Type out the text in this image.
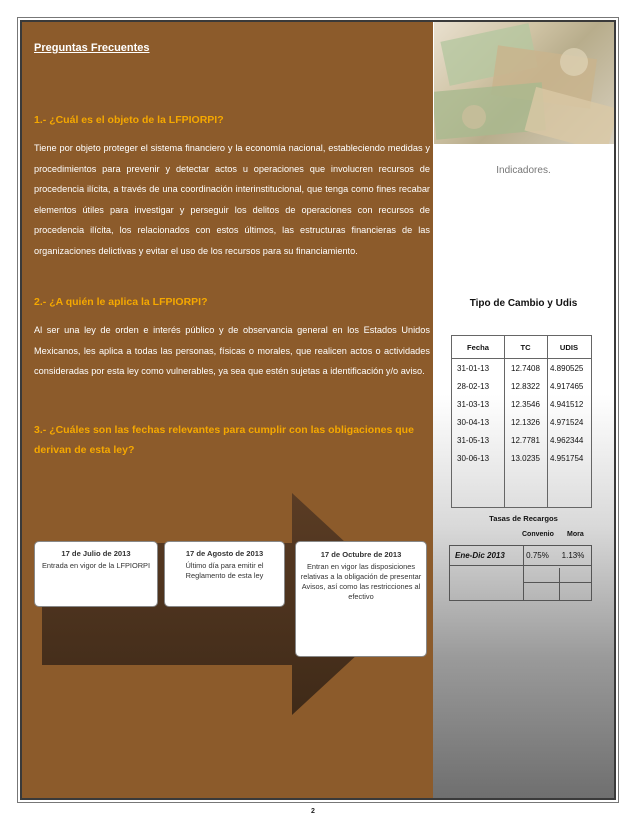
Preguntas Frecuentes
1.- ¿Cuál es el objeto de la LFPIORPI?
Tiene por objeto proteger el sistema financiero y la economía nacional, estableciendo medidas y procedimientos para prevenir y detectar actos u operaciones que involucren recursos de procedencia ilícita, a través de una coordinación interinstitucional, que tenga como fines recabar elementos útiles para investigar y perseguir los delitos de operaciones con recursos de procedencia ilícita, los relacionados con estos últimos, las estructuras financieras de las organizaciones delictivas y evitar el uso de los recursos para su financiamiento.
2.- ¿A quién le aplica la LFPIORPI?
Al ser una ley de orden e interés público y de observancia general en los Estados Unidos Mexicanos, les aplica a todas las personas, físicas o morales, que realicen actos o actividades consideradas por esta ley como vulnerables, ya sea que estén sujetas a identificación y/o aviso.
3.- ¿Cuáles son las fechas relevantes para cumplir con las obligaciones que derivan de esta ley?
17 de Julio de 2013
Entrada en vigor de la LFPIORPI
17 de Agosto de 2013
Último día para emitir el Reglamento de esta ley
17 de Octubre de 2013
Entran en vigor las disposiciones relativas a la obligación de presentar Avisos, así como las restricciones al efectivo
Indicadores.
Tipo de Cambio y Udis
Fecha	TC	UDIS
31-01-13	12.7408	4.890525
28-02-13	12.8322	4.917465
31-03-13	12.3546	4.941512
30-04-13	12.1326	4.971524
31-05-13	12.7781	4.962344
30-06-13	13.0235	4.951754
Tasas de Recargos
Convenio Mora
Ene-Dic 2013	0.75%	1.13%
2
